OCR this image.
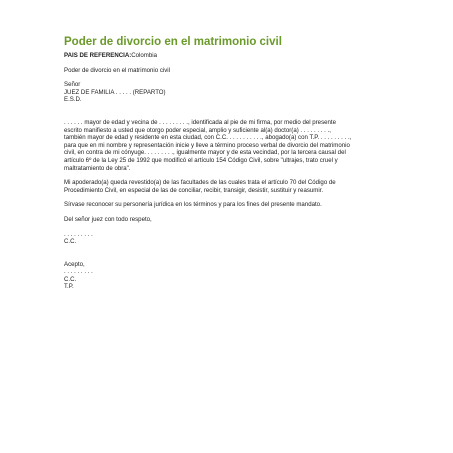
Poder de divorcio en el matrimonio civil

PAIS DE REFERENCIA:Colombia

Poder de divorcio en el matrimonio civil

Señor

JUEZ DE FAMILIA . . . . . (REPARTO)

E.S.D.

. . . . . . mayor de edad y vecina de . . . . . . . . ., identificada al pie de mi firma, por medio del presente

escrito manifiesto a usted que otorgo poder especial, amplio y suficiente al(a) doctor(a) . . . . . . . . .,

también mayor de edad y residente en esta ciudad, con C.C. . . . . . . . . . ., abogado(a) con T.P. . . . . . . . . .,

para que en mi nombre y representación inicie y lleve a término proceso verbal de divorcio del matrimonio

civil, en contra de mi cónyuge. . . . . . . . ., igualmente mayor y de esta vecindad, por la tercera causal del

artículo 6º de la Ley 25 de 1992 que modificó el artículo 154 Código Civil, sobre "ultrajes, trato cruel y

maltratamiento de obra".

Mi apoderado(a) queda revestido(a) de las facultades de las cuales trata el artículo 70 del Código de

Procedimiento Civil, en especial de las de conciliar, recibir, transigir, desistir, sustituir y reasumir.

Sírvase reconocer su personería jurídica en los términos y para los fines del presente mandato.

Del señor juez con todo respeto,

. . . . . . . . .

C.C.

Acepto,

. . . . . . . . .

C.C.

T.P.
